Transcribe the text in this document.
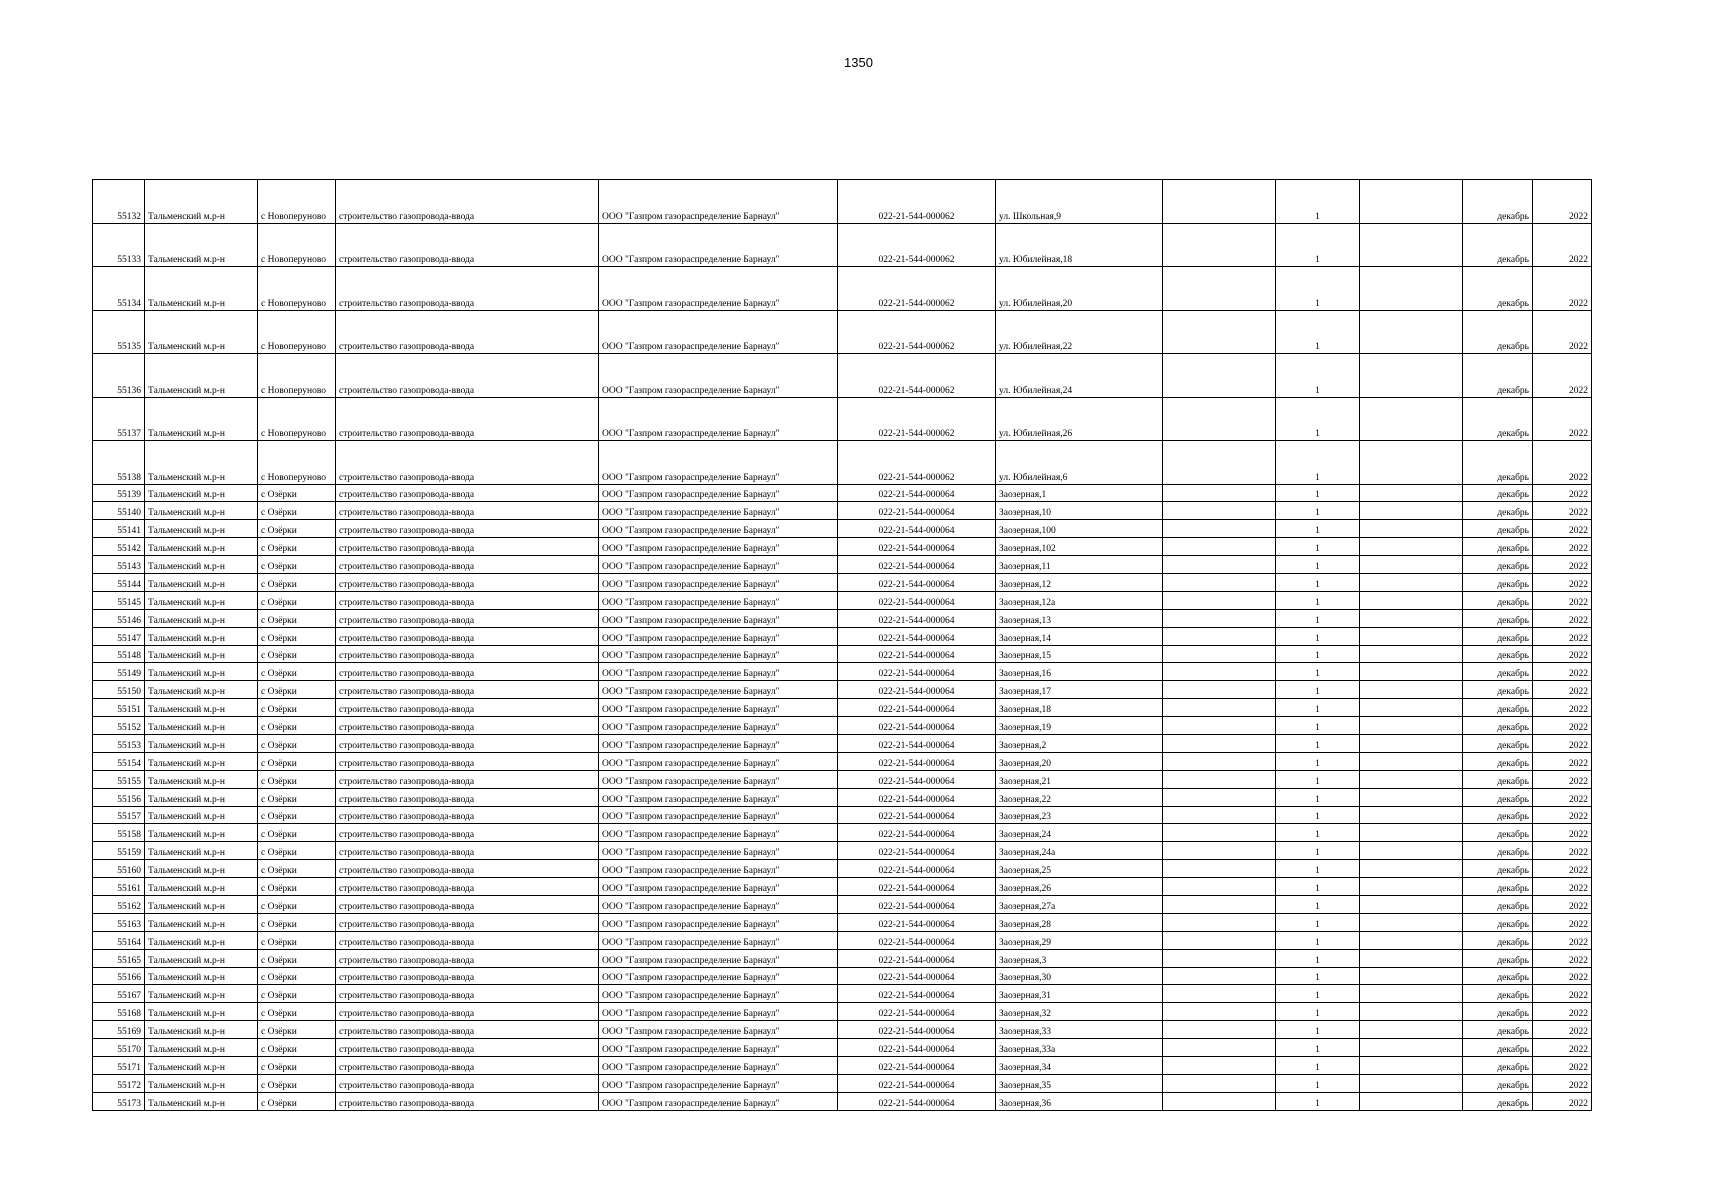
1350
55132	Тальменский м.р-н	с Новоперуново	строительство газопровода-ввода	ООО "Газпром газораспределение Барнаул"	022-21-544-000062	ул. Школьная,9		1		декабрь	2022
55133	Тальменский м.р-н	с Новоперуново	строительство газопровода-ввода	ООО "Газпром газораспределение Барнаул"	022-21-544-000062	ул. Юбилейная,18		1		декабрь	2022
55134	Тальменский м.р-н	с Новоперуново	строительство газопровода-ввода	ООО "Газпром газораспределение Барнаул"	022-21-544-000062	ул. Юбилейная,20		1		декабрь	2022
55135	Тальменский м.р-н	с Новоперуново	строительство газопровода-ввода	ООО "Газпром газораспределение Барнаул"	022-21-544-000062	ул. Юбилейная,22		1		декабрь	2022
55136	Тальменский м.р-н	с Новоперуново	строительство газопровода-ввода	ООО "Газпром газораспределение Барнаул"	022-21-544-000062	ул. Юбилейная,24		1		декабрь	2022
55137	Тальменский м.р-н	с Новоперуново	строительство газопровода-ввода	ООО "Газпром газораспределение Барнаул"	022-21-544-000062	ул. Юбилейная,26		1		декабрь	2022
55138	Тальменский м.р-н	с Новоперуново	строительство газопровода-ввода	ООО "Газпром газораспределение Барнаул"	022-21-544-000062	ул. Юбилейная,6		1		декабрь	2022
55139	Тальменский м.р-н	с Озёрки	строительство газопровода-ввода	ООО "Газпром газораспределение Барнаул"	022-21-544-000064	Заозерная,1		1		декабрь	2022
55140	Тальменский м.р-н	с Озёрки	строительство газопровода-ввода	ООО "Газпром газораспределение Барнаул"	022-21-544-000064	Заозерная,10		1		декабрь	2022
55141	Тальменский м.р-н	с Озёрки	строительство газопровода-ввода	ООО "Газпром газораспределение Барнаул"	022-21-544-000064	Заозерная,100		1		декабрь	2022
55142	Тальменский м.р-н	с Озёрки	строительство газопровода-ввода	ООО "Газпром газораспределение Барнаул"	022-21-544-000064	Заозерная,102		1		декабрь	2022
55143	Тальменский м.р-н	с Озёрки	строительство газопровода-ввода	ООО "Газпром газораспределение Барнаул"	022-21-544-000064	Заозерная,11		1		декабрь	2022
55144	Тальменский м.р-н	с Озёрки	строительство газопровода-ввода	ООО "Газпром газораспределение Барнаул"	022-21-544-000064	Заозерная,12		1		декабрь	2022
55145	Тальменский м.р-н	с Озёрки	строительство газопровода-ввода	ООО "Газпром газораспределение Барнаул"	022-21-544-000064	Заозерная,12а		1		декабрь	2022
55146	Тальменский м.р-н	с Озёрки	строительство газопровода-ввода	ООО "Газпром газораспределение Барнаул"	022-21-544-000064	Заозерная,13		1		декабрь	2022
55147	Тальменский м.р-н	с Озёрки	строительство газопровода-ввода	ООО "Газпром газораспределение Барнаул"	022-21-544-000064	Заозерная,14		1		декабрь	2022
55148	Тальменский м.р-н	с Озёрки	строительство газопровода-ввода	ООО "Газпром газораспределение Барнаул"	022-21-544-000064	Заозерная,15		1		декабрь	2022
55149	Тальменский м.р-н	с Озёрки	строительство газопровода-ввода	ООО "Газпром газораспределение Барнаул"	022-21-544-000064	Заозерная,16		1		декабрь	2022
55150	Тальменский м.р-н	с Озёрки	строительство газопровода-ввода	ООО "Газпром газораспределение Барнаул"	022-21-544-000064	Заозерная,17		1		декабрь	2022
55151	Тальменский м.р-н	с Озёрки	строительство газопровода-ввода	ООО "Газпром газораспределение Барнаул"	022-21-544-000064	Заозерная,18		1		декабрь	2022
55152	Тальменский м.р-н	с Озёрки	строительство газопровода-ввода	ООО "Газпром газораспределение Барнаул"	022-21-544-000064	Заозерная,19		1		декабрь	2022
55153	Тальменский м.р-н	с Озёрки	строительство газопровода-ввода	ООО "Газпром газораспределение Барнаул"	022-21-544-000064	Заозерная,2		1		декабрь	2022
55154	Тальменский м.р-н	с Озёрки	строительство газопровода-ввода	ООО "Газпром газораспределение Барнаул"	022-21-544-000064	Заозерная,20		1		декабрь	2022
55155	Тальменский м.р-н	с Озёрки	строительство газопровода-ввода	ООО "Газпром газораспределение Барнаул"	022-21-544-000064	Заозерная,21		1		декабрь	2022
55156	Тальменский м.р-н	с Озёрки	строительство газопровода-ввода	ООО "Газпром газораспределение Барнаул"	022-21-544-000064	Заозерная,22		1		декабрь	2022
55157	Тальменский м.р-н	с Озёрки	строительство газопровода-ввода	ООО "Газпром газораспределение Барнаул"	022-21-544-000064	Заозерная,23		1		декабрь	2022
55158	Тальменский м.р-н	с Озёрки	строительство газопровода-ввода	ООО "Газпром газораспределение Барнаул"	022-21-544-000064	Заозерная,24		1		декабрь	2022
55159	Тальменский м.р-н	с Озёрки	строительство газопровода-ввода	ООО "Газпром газораспределение Барнаул"	022-21-544-000064	Заозерная,24а		1		декабрь	2022
55160	Тальменский м.р-н	с Озёрки	строительство газопровода-ввода	ООО "Газпром газораспределение Барнаул"	022-21-544-000064	Заозерная,25		1		декабрь	2022
55161	Тальменский м.р-н	с Озёрки	строительство газопровода-ввода	ООО "Газпром газораспределение Барнаул"	022-21-544-000064	Заозерная,26		1		декабрь	2022
55162	Тальменский м.р-н	с Озёрки	строительство газопровода-ввода	ООО "Газпром газораспределение Барнаул"	022-21-544-000064	Заозерная,27а		1		декабрь	2022
55163	Тальменский м.р-н	с Озёрки	строительство газопровода-ввода	ООО "Газпром газораспределение Барнаул"	022-21-544-000064	Заозерная,28		1		декабрь	2022
55164	Тальменский м.р-н	с Озёрки	строительство газопровода-ввода	ООО "Газпром газораспределение Барнаул"	022-21-544-000064	Заозерная,29		1		декабрь	2022
55165	Тальменский м.р-н	с Озёрки	строительство газопровода-ввода	ООО "Газпром газораспределение Барнаул"	022-21-544-000064	Заозерная,3		1		декабрь	2022
55166	Тальменский м.р-н	с Озёрки	строительство газопровода-ввода	ООО "Газпром газораспределение Барнаул"	022-21-544-000064	Заозерная,30		1		декабрь	2022
55167	Тальменский м.р-н	с Озёрки	строительство газопровода-ввода	ООО "Газпром газораспределение Барнаул"	022-21-544-000064	Заозерная,31		1		декабрь	2022
55168	Тальменский м.р-н	с Озёрки	строительство газопровода-ввода	ООО "Газпром газораспределение Барнаул"	022-21-544-000064	Заозерная,32		1		декабрь	2022
55169	Тальменский м.р-н	с Озёрки	строительство газопровода-ввода	ООО "Газпром газораспределение Барнаул"	022-21-544-000064	Заозерная,33		1		декабрь	2022
55170	Тальменский м.р-н	с Озёрки	строительство газопровода-ввода	ООО "Газпром газораспределение Барнаул"	022-21-544-000064	Заозерная,33а		1		декабрь	2022
55171	Тальменский м.р-н	с Озёрки	строительство газопровода-ввода	ООО "Газпром газораспределение Барнаул"	022-21-544-000064	Заозерная,34		1		декабрь	2022
55172	Тальменский м.р-н	с Озёрки	строительство газопровода-ввода	ООО "Газпром газораспределение Барнаул"	022-21-544-000064	Заозерная,35		1		декабрь	2022
55173	Тальменский м.р-н	с Озёрки	строительство газопровода-ввода	ООО "Газпром газораспределение Барнаул"	022-21-544-000064	Заозерная,36		1		декабрь	2022
